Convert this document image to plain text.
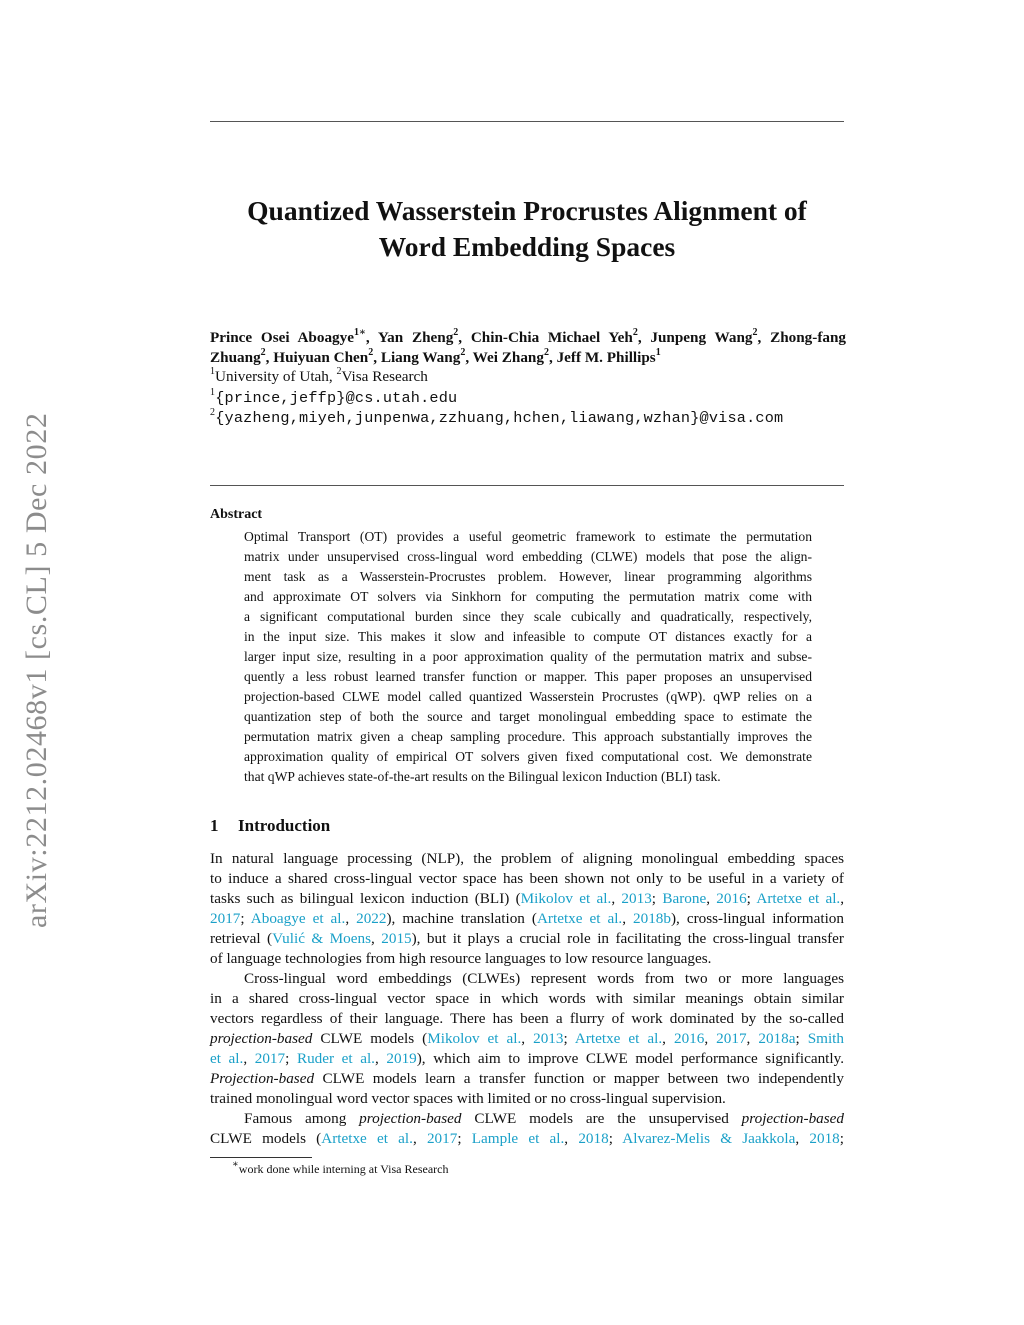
arXiv:2212.02468v1 [cs.CL] 5 Dec 2022
Quantized Wasserstein Procrustes Alignment of
Word Embedding Spaces

Prince Osei Aboagye$^{1∗}$, Yan Zheng$^2$, Chin-Chia Michael Yeh$^2$, Junpeng Wang$^2$, Zhong-fang Zhuang$^2$, Huiyuan Chen$^2$, Liang Wang$^2$, Wei Zhang$^2$, Jeff M. Phillips$^1$

$^1$University of Utah, $^2$Visa Research
$^1${prince,jeffp}@cs.utah.edu
$^2${yazheng,miyeh,junpenwa,zzhuang,hchen,liawang,wzhan}@visa.com
Abstract
Optimal Transport (OT) provides a useful geometric framework to estimate the permutation
matrix under unsupervised cross-lingual word embedding (CLWE) models that pose the align-
ment task as a Wasserstein-Procrustes problem. However, linear programming algorithms
and approximate OT solvers via Sinkhorn for computing the permutation matrix come with
a significant computational burden since they scale cubically and quadratically, respectively,
in the input size. This makes it slow and infeasible to compute OT distances exactly for a
larger input size, resulting in a poor approximation quality of the permutation matrix and subse-
quently a less robust learned transfer function or mapper. This paper proposes an unsupervised
projection-based CLWE model called quantized Wasserstein Procrustes (qWP). qWP relies on a
quantization step of both the source and target monolingual embedding space to estimate the
permutation matrix given a cheap sampling procedure. This approach substantially improves the
approximation quality of empirical OT solvers given fixed computational cost. We demonstrate
that qWP achieves state-of-the-art results on the Bilingual lexicon Induction (BLI) task.
1 Introduction
In natural language processing (NLP), the problem of aligning monolingual embedding spaces
to induce a shared cross-lingual vector space has been shown not only to be useful in a variety of
tasks such as bilingual lexicon induction (BLI) (Mikolov et al., 2013; Barone, 2016; Artetxe et al.,
2017; Aboagye et al., 2022), machine translation (Artetxe et al., 2018b), cross-lingual information
retrieval (Vulić & Moens, 2015), but it plays a crucial role in facilitating the cross-lingual transfer
of language technologies from high resource languages to low resource languages.
Cross-lingual word embeddings (CLWEs) represent words from two or more languages
in a shared cross-lingual vector space in which words with similar meanings obtain similar
vectors regardless of their language. There has been a flurry of work dominated by the so-called
projection-based CLWE models (Mikolov et al., 2013; Artetxe et al., 2016, 2017, 2018a; Smith
et al., 2017; Ruder et al., 2019), which aim to improve CLWE model performance significantly.
Projection-based CLWE models learn a transfer function or mapper between two independently
trained monolingual word vector spaces with limited or no cross-lingual supervision.
Famous among projection-based CLWE models are the unsupervised projection-based
CLWE models (Artetxe et al., 2017; Lample et al., 2018; Alvarez-Melis & Jaakkola, 2018;
∗work done while interning at Visa Research
